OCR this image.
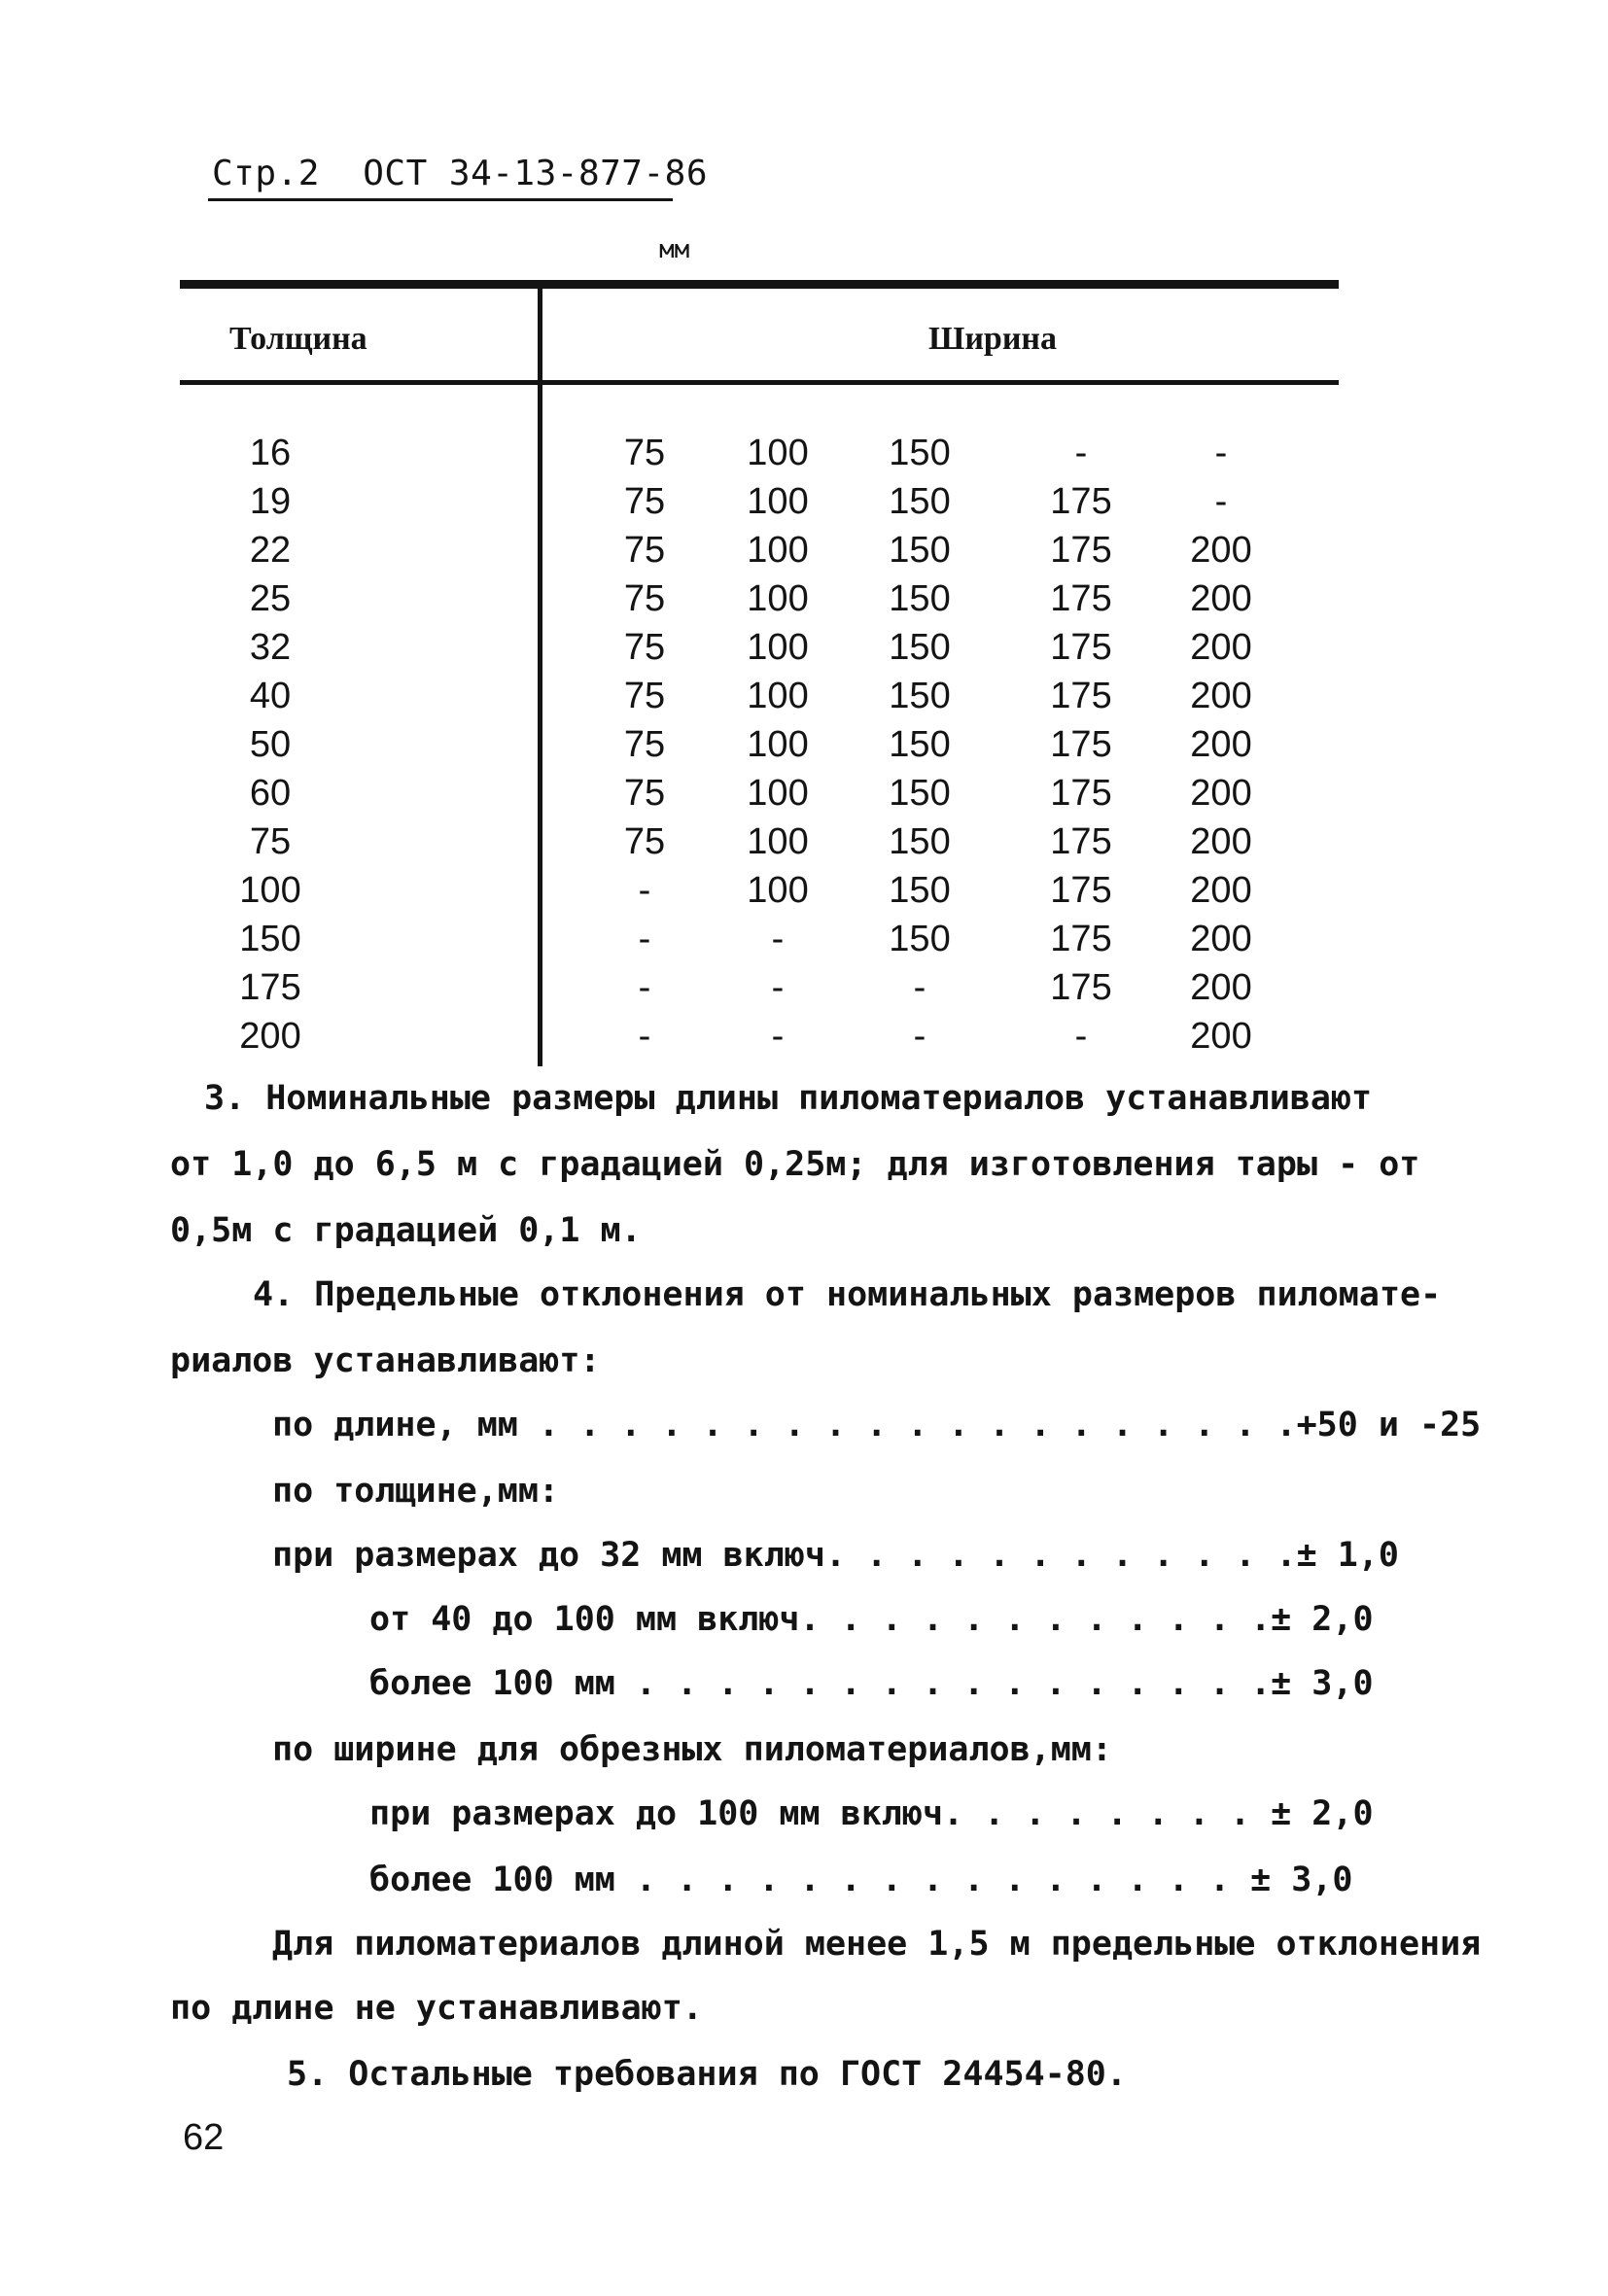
Стр.2  ОСТ 34-13-877-86
мм
Толщина	Ширина
16	75	100	150	-	-
19	75	100	150	175	-
22	75	100	150	175	200
25	75	100	150	175	200
32	75	100	150	175	200
40	75	100	150	175	200
50	75	100	150	175	200
60	75	100	150	175	200
75	75	100	150	175	200
100	-	100	150	175	200
150	-	-	150	175	200
175	-	-	-	175	200
200	-	-	-	-	200
3. Номинальные размеры длины пиломатериалов устанавливают
от 1,0 до 6,5 м с градацией 0,25м; для изготовления тары - от
0,5м с градацией 0,1 м.
4. Предельные отклонения от номинальных размеров пиломате-
риалов устанавливают:
по длине, мм . . . . . . . . . . . . . . . . . . .+50 и -25
по толщине,мм:
при размерах до 32 мм включ. . . . . . . . . . . .± 1,0
от 40 до 100 мм включ. . . . . . . . . . . .± 2,0
более 100 мм . . . . . . . . . . . . . . . .± 3,0
по ширине для обрезных пиломатериалов,мм:
при размерах до 100 мм включ. . . . . . . . ± 2,0
более 100 мм . . . . . . . . . . . . . . . ± 3,0
Для пиломатериалов длиной менее 1,5 м предельные отклонения
по длине не устанавливают.
5. Остальные требования по ГОСТ 24454-80.
62
